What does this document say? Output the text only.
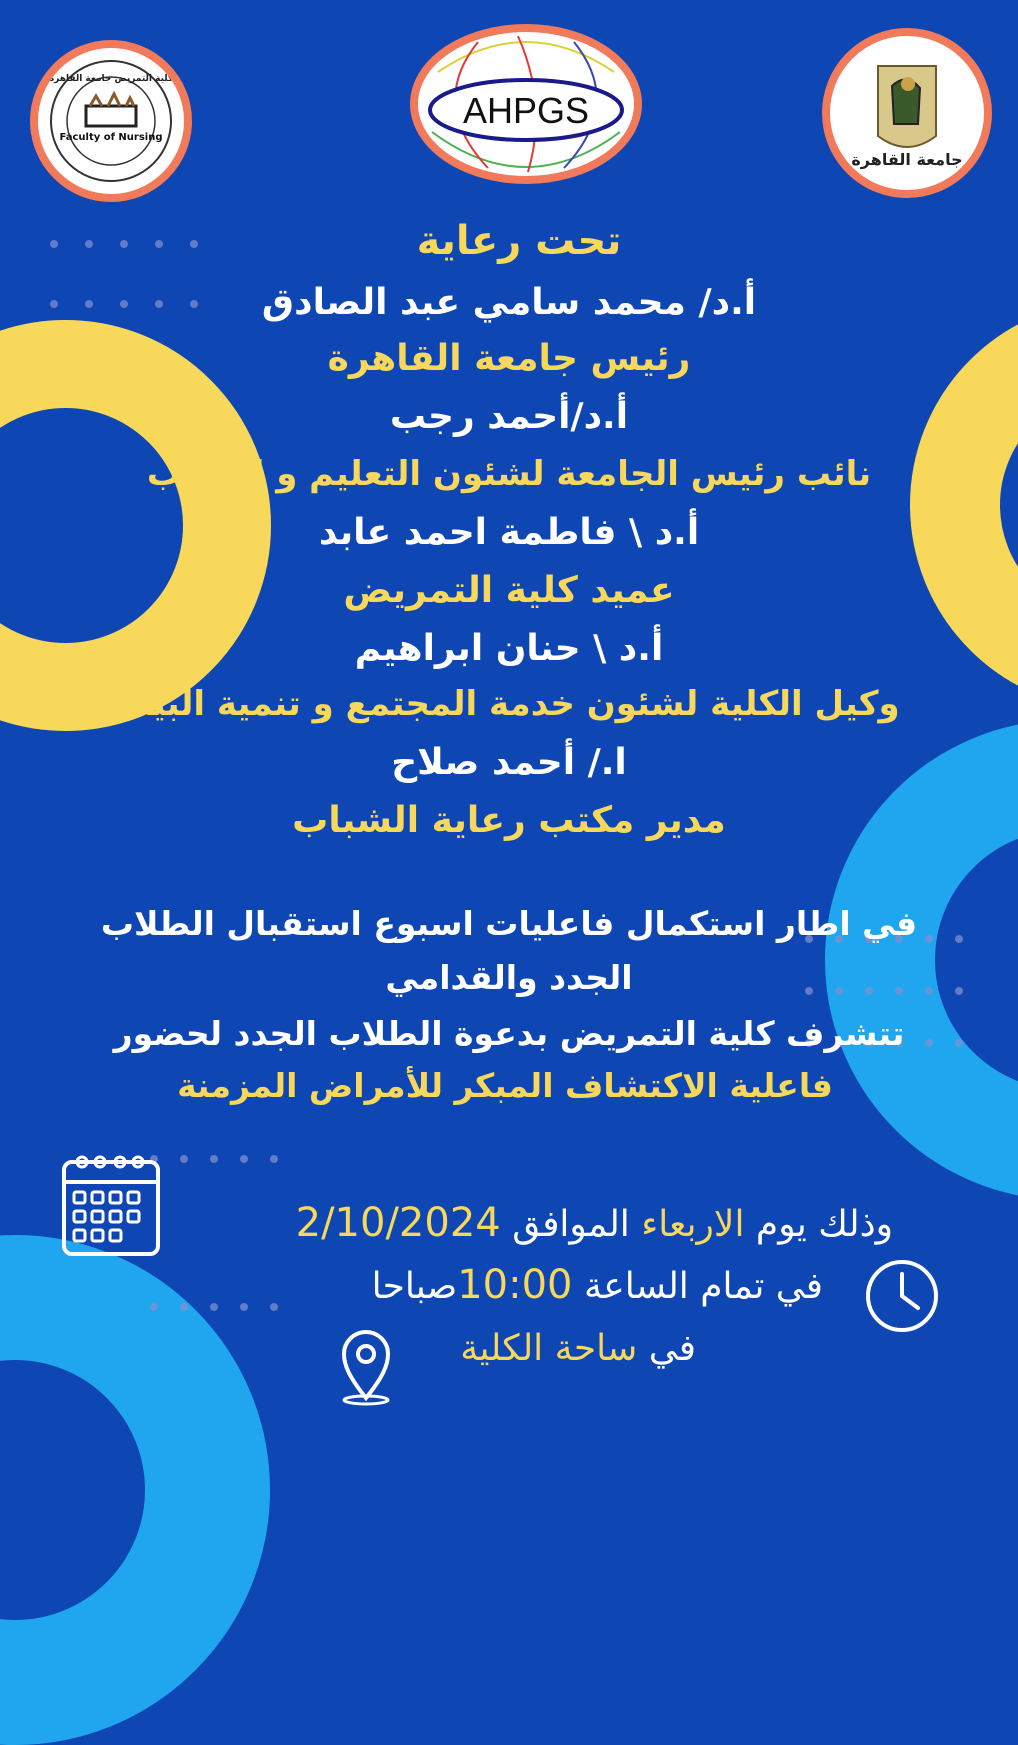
كلية التمريض جامعة القاهرة
Faculty of Nursing
AHPGS
جامعة القاهرة
تحت رعاية
أ.د/ محمد سامي عبد الصادق
رئيس جامعة القاهرة
أ.د/أحمد رجب
نائب رئيس الجامعة لشئون التعليم و الطلاب
أ.د \ فاطمة احمد عابد
عميد كلية التمريض
أ.د \ حنان ابراهيم
وكيل الكلية لشئون خدمة المجتمع و تنمية البيئة
ا./ أحمد صلاح
مدير مكتب رعاية الشباب
في اطار استكمال فاعليات اسبوع استقبال الطلاب
الجدد والقدامي
تتشرف كلية التمريض بدعوة الطلاب الجدد لحضور
فاعلية الاكتشاف المبكر للأمراض المزمنة
وذلك يوم الاربعاء الموافق 2/10/2024
في تمام الساعة 10:00صباحا
في ساحة الكلية
